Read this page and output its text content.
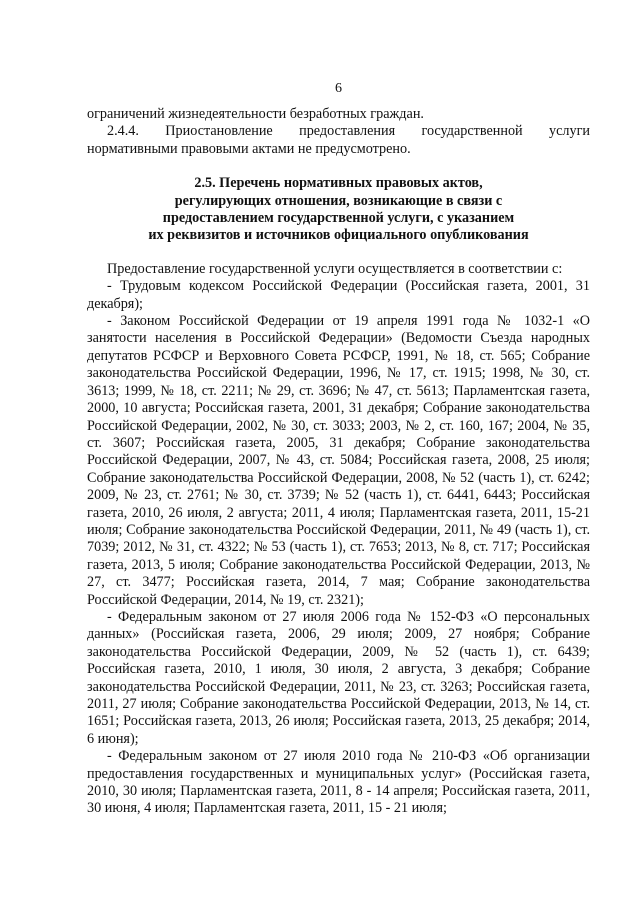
6

ограничений жизнедеятельности безработных граждан.

2.4.4. Приостановление предоставления государственной услуги нормативными правовыми актами не предусмотрено.

2.5. Перечень нормативных правовых актов,
регулирующих отношения, возникающие в связи с
предоставлением государственной услуги, с указанием
их реквизитов и источников официального опубликования

Предоставление государственной услуги осуществляется в соответствии с:

- Трудовым кодексом Российской Федерации (Российская газета, 2001, 31 декабря);

- Законом Российской Федерации от 19 апреля 1991 года № 1032-1 «О занятости населения в Российской Федерации» (Ведомости Съезда народных депутатов РСФСР и Верховного Совета РСФСР, 1991, № 18, ст. 565; Собрание законодательства Российской Федерации, 1996, № 17, ст. 1915; 1998, № 30, ст. 3613; 1999, № 18, ст. 2211; № 29, ст. 3696; № 47, ст. 5613; Парламентская газета, 2000, 10 августа; Российская газета, 2001, 31 декабря; Собрание законодательства Российской Федерации, 2002, № 30, ст. 3033; 2003, № 2, ст. 160, 167; 2004, № 35, ст. 3607; Российская газета, 2005, 31 декабря; Собрание законодательства Российской Федерации, 2007, № 43, ст. 5084; Российская газета, 2008, 25 июля; Собрание законодательства Российской Федерации, 2008, № 52 (часть 1), ст. 6242; 2009, № 23, ст. 2761; № 30, ст. 3739; № 52 (часть 1), ст. 6441, 6443; Российская газета, 2010, 26 июля, 2 августа; 2011, 4 июля; Парламентская газета, 2011, 15-21 июля; Собрание законодательства Российской Федерации, 2011, № 49 (часть 1), ст. 7039; 2012, № 31, ст. 4322; № 53 (часть 1), ст. 7653; 2013, № 8, ст. 717; Российская газета, 2013, 5 июля; Собрание законодательства Российской Федерации, 2013, № 27, ст. 3477; Российская газета, 2014, 7 мая; Собрание законодательства Российской Федерации, 2014, № 19, ст. 2321);

- Федеральным законом от 27 июля 2006 года № 152-ФЗ «О персональных данных» (Российская газета, 2006, 29 июля; 2009, 27 ноября; Собрание законодательства Российской Федерации, 2009, № 52 (часть 1), ст. 6439; Российская газета, 2010, 1 июля, 30 июля, 2 августа, 3 декабря; Собрание законодательства Российской Федерации, 2011, № 23, ст. 3263; Российская газета, 2011, 27 июля; Собрание законодательства Российской Федерации, 2013, № 14, ст. 1651; Российская газета, 2013, 26 июля; Российская газета, 2013, 25 декабря; 2014, 6 июня);

- Федеральным законом от 27 июля 2010 года № 210-ФЗ «Об организации предоставления государственных и муниципальных услуг» (Российская газета, 2010, 30 июля; Парламентская газета, 2011, 8 - 14 апреля; Российская газета, 2011, 30 июня, 4 июля; Парламентская газета, 2011, 15 - 21 июля;
